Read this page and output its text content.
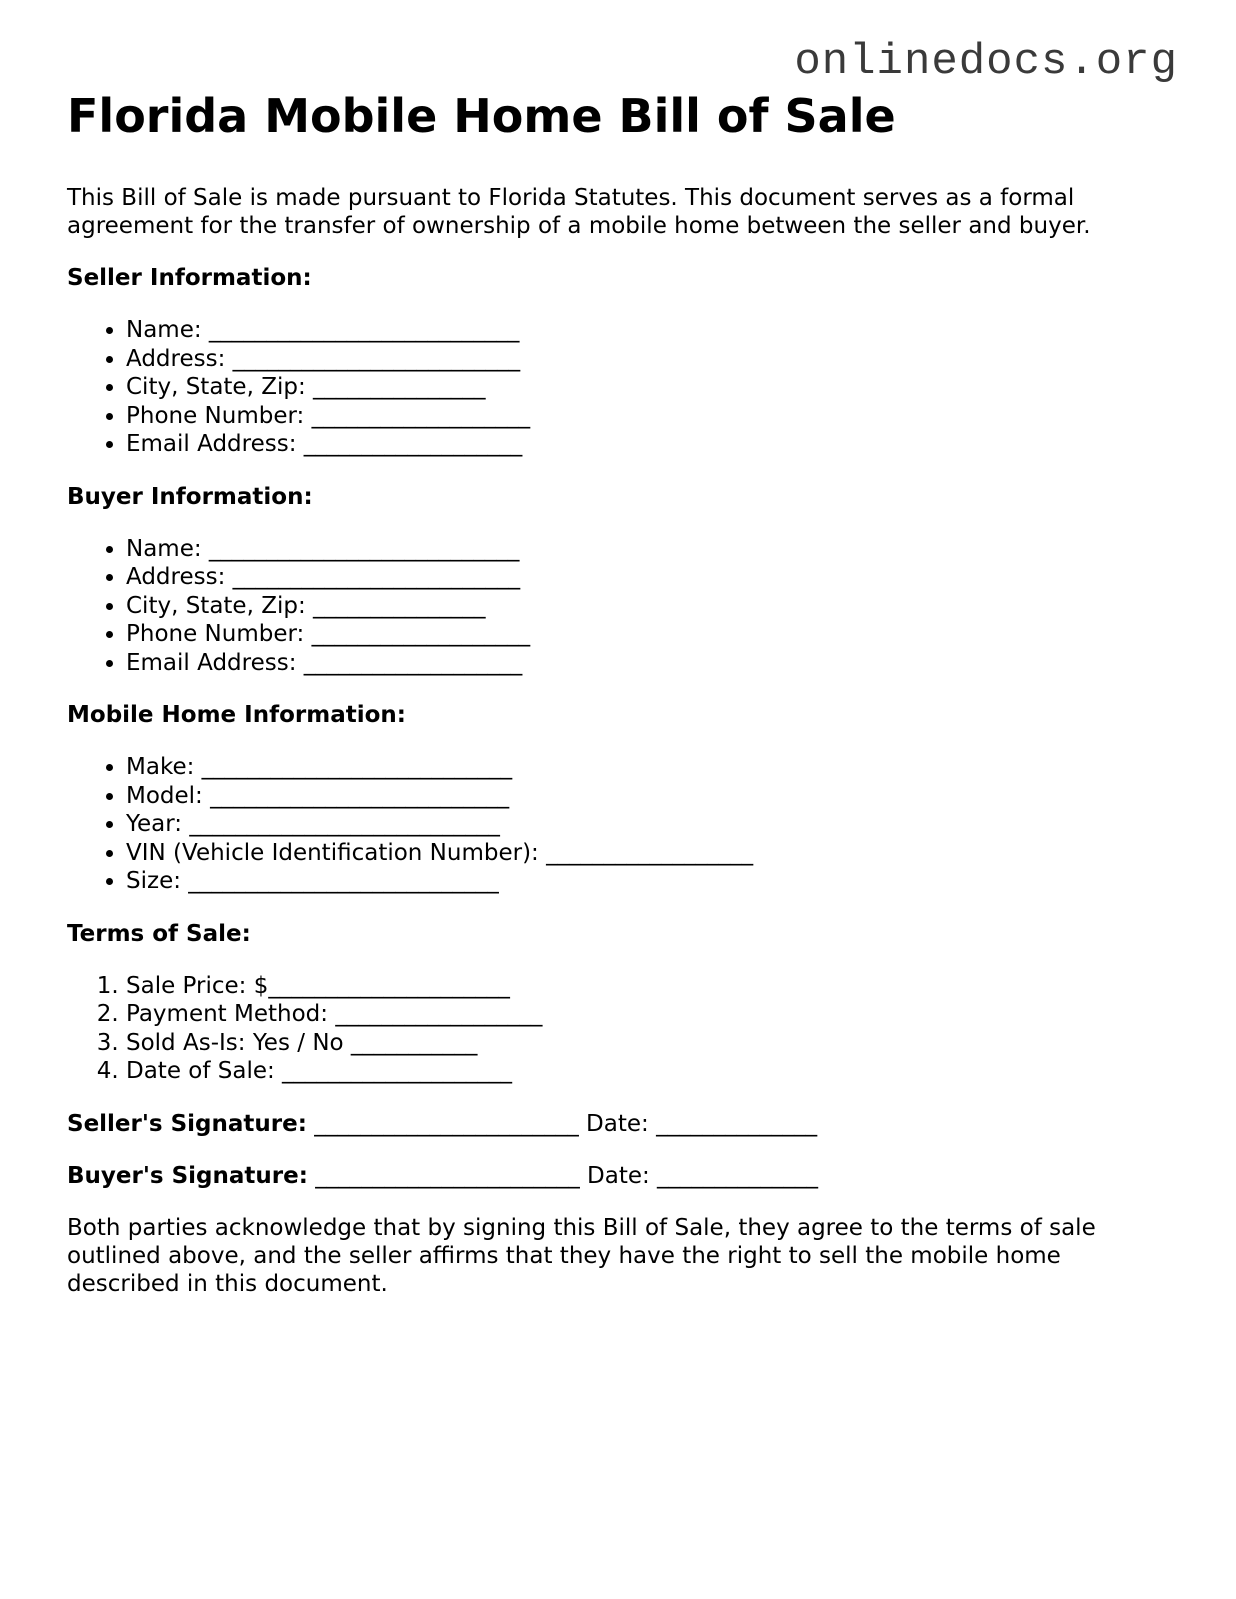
onlinedocs.org
Florida Mobile Home Bill of Sale

This Bill of Sale is made pursuant to Florida Statutes. This document serves as a formal agreement for the transfer of ownership of a mobile home between the seller and buyer.

Seller Information:

• Name: ___________________________
• Address: _________________________
• City, State, Zip: _______________
• Phone Number: ___________________
• Email Address: ___________________

Buyer Information:

• Name: ___________________________
• Address: _________________________
• City, State, Zip: _______________
• Phone Number: ___________________
• Email Address: ___________________

Mobile Home Information:

• Make: ___________________________
• Model: __________________________
• Year: ___________________________
• VIN (Vehicle Identification Number): __________________
• Size: ___________________________

Terms of Sale:

1. Sale Price: $_____________________
2. Payment Method: __________________
3. Sold As-Is: Yes / No ___________
4. Date of Sale: ____________________

Seller's Signature: _______________________ Date: ______________

Buyer's Signature: _______________________ Date: ______________

Both parties acknowledge that by signing this Bill of Sale, they agree to the terms of sale outlined above, and the seller affirms that they have the right to sell the mobile home described in this document.
